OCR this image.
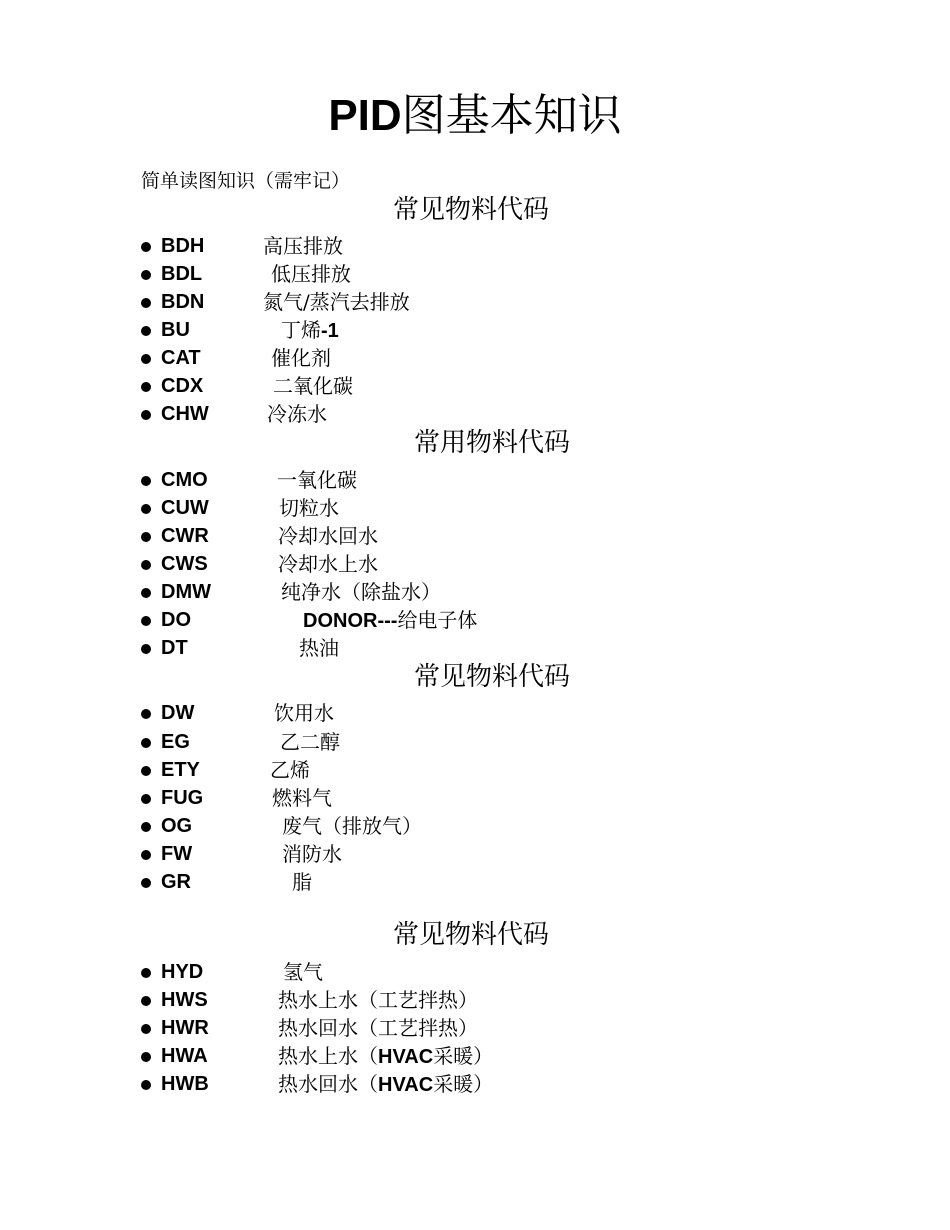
PID图基本知识
简单读图知识（需牢记）
常见物料代码
BDH	高压排放
BDL	低压排放
BDN	氮气/蒸汽去排放
BU	丁烯-1
CAT	催化剂
CDX	二氧化碳
CHW	冷冻水
常用物料代码
CMO	一氧化碳
CUW	切粒水
CWR	冷却水回水
CWS	冷却水上水
DMW	纯净水（除盐水）
DO	DONOR---给电子体
DT	热油
常见物料代码
DW	饮用水
EG	乙二醇
ETY	乙烯
FUG	燃料气
OG	废气（排放气）
FW	消防水
GR	脂
常见物料代码
HYD	氢气
HWS	热水上水（工艺拌热）
HWR	热水回水（工艺拌热）
HWA	热水上水（HVAC采暖）
HWB	热水回水（HVAC采暖）
